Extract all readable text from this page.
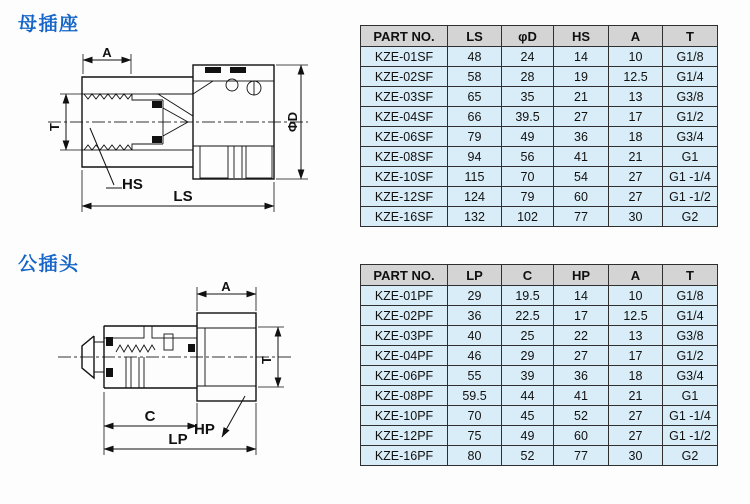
母插座
A
T	ΦD
LS
HS
PART NO.	LS	φD	HS	A	T
KZE-01SF	48	24	14	10	G1/8
KZE-02SF	58	28	19	12.5	G1/4
KZE-03SF	65	35	21	13	G3/8
KZE-04SF	66	39.5	27	17	G1/2
KZE-06SF	79	49	36	18	G3/4
KZE-08SF	94	56	41	21	G1
KZE-10SF	115	70	54	27	G1 -1/4
KZE-12SF	124	79	60	27	G1 -1/2
KZE-16SF	132	102	77	30	G2
公插头
A
T
C
LP
HP
PART NO.	LP	C	HP	A	T
KZE-01PF	29	19.5	14	10	G1/8
KZE-02PF	36	22.5	17	12.5	G1/4
KZE-03PF	40	25	22	13	G3/8
KZE-04PF	46	29	27	17	G1/2
KZE-06PF	55	39	36	18	G3/4
KZE-08PF	59.5	44	41	21	G1
KZE-10PF	70	45	52	27	G1 -1/4
KZE-12PF	75	49	60	27	G1 -1/2
KZE-16PF	80	52	77	30	G2
